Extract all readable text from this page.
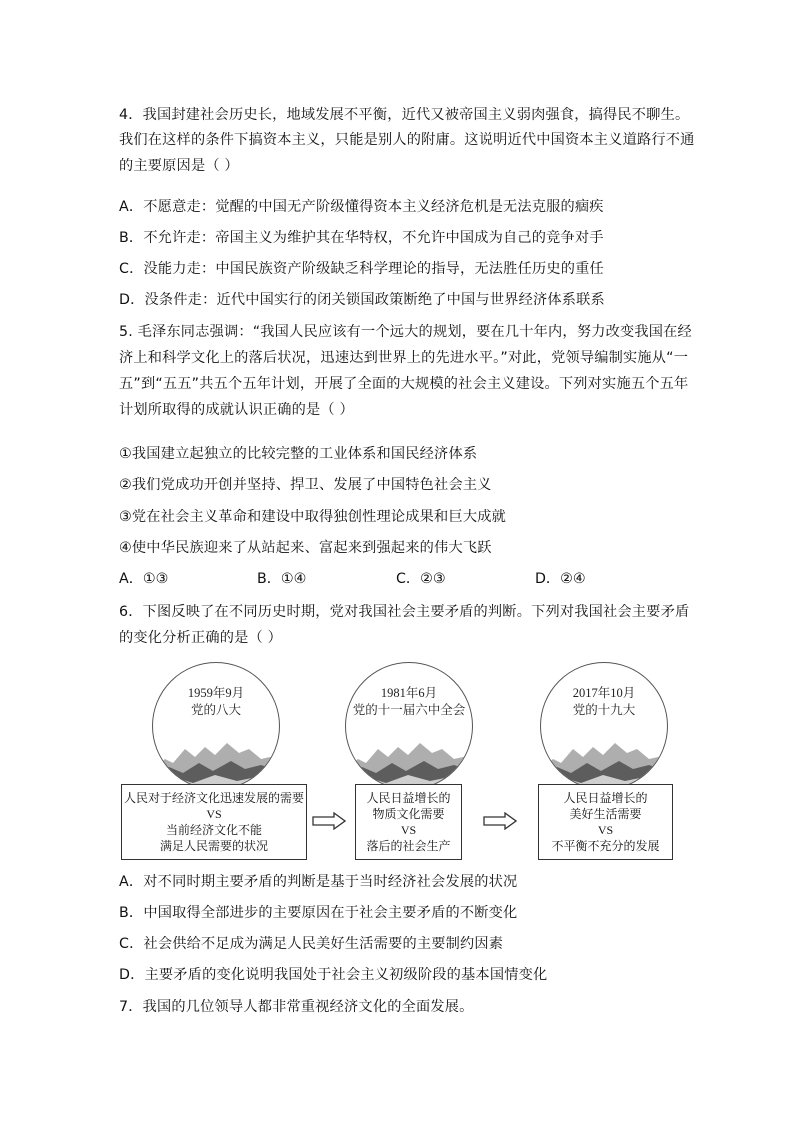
4．我国封建社会历史长，地域发展不平衡，近代又被帝国主义弱肉强食，搞得民不聊生。
我们在这样的条件下搞资本主义，只能是别人的附庸。这说明近代中国资本主义道路行不通
的主要原因是（ ）
A．不愿意走：觉醒的中国无产阶级懂得资本主义经济危机是无法克服的痼疾
B．不允许走：帝国主义为维护其在华特权，不允许中国成为自己的竞争对手
C．没能力走：中国民族资产阶级缺乏科学理论的指导，无法胜任历史的重任
D．没条件走：近代中国实行的闭关锁国政策断绝了中国与世界经济体系联系
5. 毛泽东同志强调：“我国人民应该有一个远大的规划，要在几十年内，努力改变我国在经
济上和科学文化上的落后状况，迅速达到世界上的先进水平。”对此，党领导编制实施从“一
五”到“五五”共五个五年计划，开展了全面的大规模的社会主义建设。下列对实施五个五年
计划所取得的成就认识正确的是（ ）
①我国建立起独立的比较完整的工业体系和国民经济体系
②我们党成功开创并坚持、捍卫、发展了中国特色社会主义
③党在社会主义革命和建设中取得独创性理论成果和巨大成就
④使中华民族迎来了从站起来、富起来到强起来的伟大飞跃
A．①③	B．①④	C．②③	D．②④
6．下图反映了在不同历史时期，党对我国社会主要矛盾的判断。下列对我国社会主要矛盾
的变化分析正确的是（ ）
1959年9月
党的八大
1981年6月
党的十一届六中全会
2017年10月
党的十九大
人民对于经济文化迅速发展的需要
VS
当前经济文化不能
满足人民需要的状况
人民日益增长的
物质文化需要
VS
落后的社会生产
人民日益增长的
美好生活需要
VS
不平衡不充分的发展
A．对不同时期主要矛盾的判断是基于当时经济社会发展的状况
B．中国取得全部进步的主要原因在于社会主要矛盾的不断变化
C．社会供给不足成为满足人民美好生活需要的主要制约因素
D．主要矛盾的变化说明我国处于社会主义初级阶段的基本国情变化
7．我国的几位领导人都非常重视经济文化的全面发展。
